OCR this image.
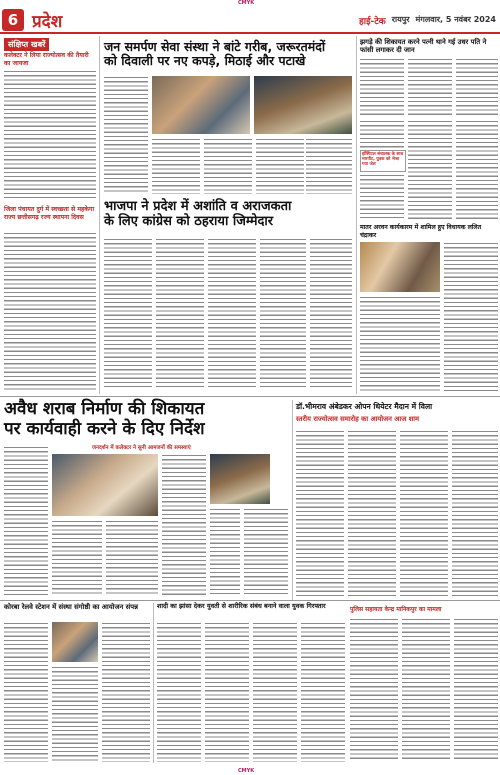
CMYK
6 प्रदेश	हाई-टेक रायपुर मंगलवार, 5 नवंबर 2024
संक्षिप्त खबरें
कलेक्टर ने लिया राज्योत्सव की तैयारी का जायजा
जिला पंचायत दुर्ग में स्वच्छता से महकेगा राज्य छत्तीसगढ़ रज्य स्थापना दिवस
जन समर्पण सेवा संस्था ने बांटे गरीब, जरूरतमंदों
को दिवाली पर नए कपड़े, मिठाई और पटाखे
भाजपा ने प्रदेश में अशांति व अराजकता
के लिए कांग्रेस को ठहराया जिम्मेदार
झगड़े की शिकायत करने पत्नी थाने गई उधर पति ने फांसी लगाकर दी जान
हॉस्पिटल संचालक के साथ मारपीट, युवक को भेजा गया जेल
मातर अरवन कार्यकारम में शामिल हुए विधायक ललित चंद्राकर
अवैध शराब निर्माण की शिकायत
पर कार्यवाही करने के दिए निर्देश
जनदर्शन में कलेक्टर ने सुनी आमजनों की समस्याएं
डॉ.भीमराव अंबेडकर ओपन थियेटर मैदान में विला
स्तरीय राज्योत्सव समारोह का आयोजन आज शाम
कोरबा रेलवे स्टेशन में संस्था संगोष्ठी का आयोजन संपन्न	शादी का झांसा देकर युवती से शारीरिक संबंध बनाने वाला युवक गिरफ्तार	पुलिस सहायता केन्द्र मानिकपुर का मामला
CMYK
